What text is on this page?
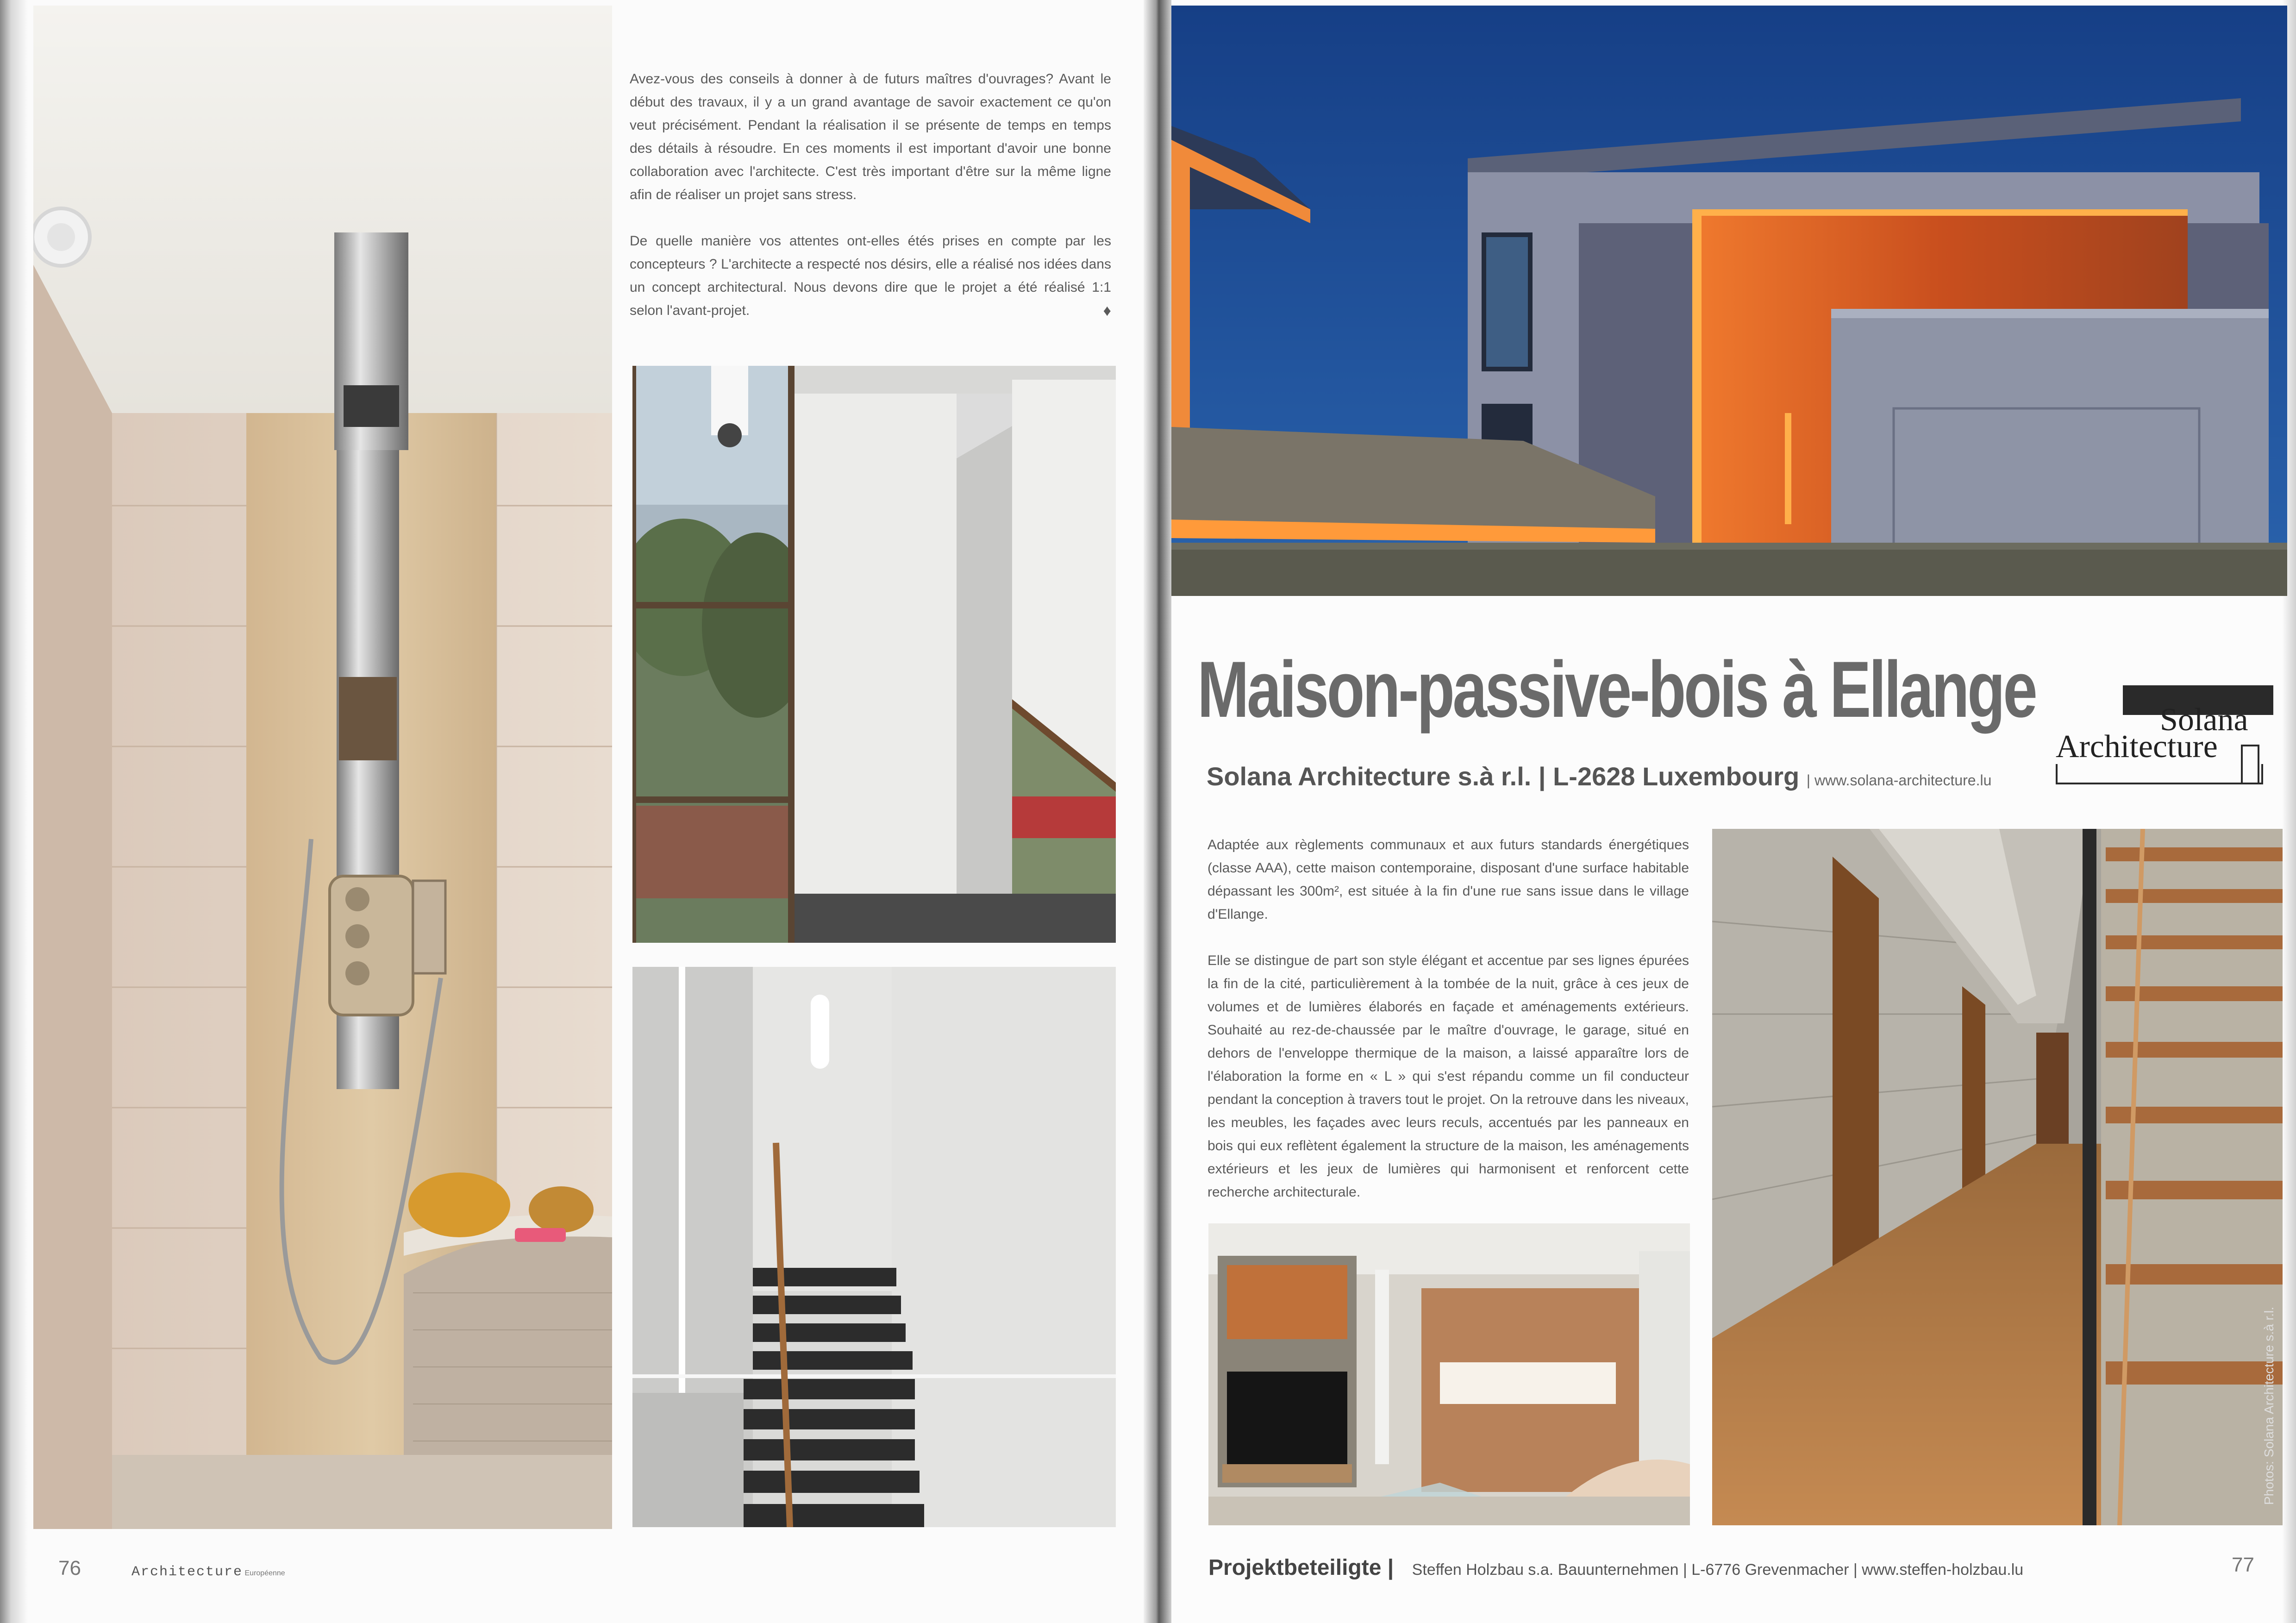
Avez-vous des conseils à donner à de futurs maîtres d'ouvrages? Avant le début des travaux, il y a un grand avantage de savoir exactement ce qu'on veut précisément. Pendant la réalisation il se présente de temps en temps des détails à résoudre. En ces moments il est important d'avoir une bonne collaboration avec l'architecte. C'est très important d'être sur la même ligne afin de réaliser un projet sans stress.

De quelle manière vos attentes ont-elles étés prises en compte par les concepteurs ? L'architecte a respecté nos désirs, elle a réalisé nos idées dans un concept architectural. Nous devons dire que le projet a été réalisé 1:1 selon l'avant-projet.	♦
76	Architecture Européenne
Maison-passive-bois à Ellange
Solana Architecture s.à r.l. | L-2628 Luxembourg | www.solana-architecture.lu
Solana
Architecture

Adaptée aux règlements communaux et aux futurs standards énergétiques (classe AAA), cette maison contemporaine, disposant d'une surface habitable dépassant les 300m², est située à la fin d'une rue sans issue dans le village d'Ellange.

Elle se distingue de part son style élégant et accentue par ses lignes épurées la fin de la cité, particulièrement à la tombée de la nuit, grâce à ces jeux de volumes et de lumières élaborés en façade et aménagements extérieurs. Souhaité au rez-de-chaussée par le maître d'ouvrage, le garage, situé en dehors de l'enveloppe thermique de la maison, a laissé apparaître lors de l'élaboration la forme en « L » qui s'est répandu comme un fil conducteur pendant la conception à travers tout le projet. On la retrouve dans les niveaux, les meubles, les façades avec leurs reculs, accentués par les panneaux en bois qui eux reflètent également la structure de la maison, les aménagements extérieurs et les jeux de lumières qui harmonisent et renforcent cette recherche architecturale.

Photos: Solana Architecture s.à r.l.
Projektbeteiligte | Steffen Holzbau s.a. Bauunternehmen | L-6776 Grevenmacher | www.steffen-holzbau.lu	77
